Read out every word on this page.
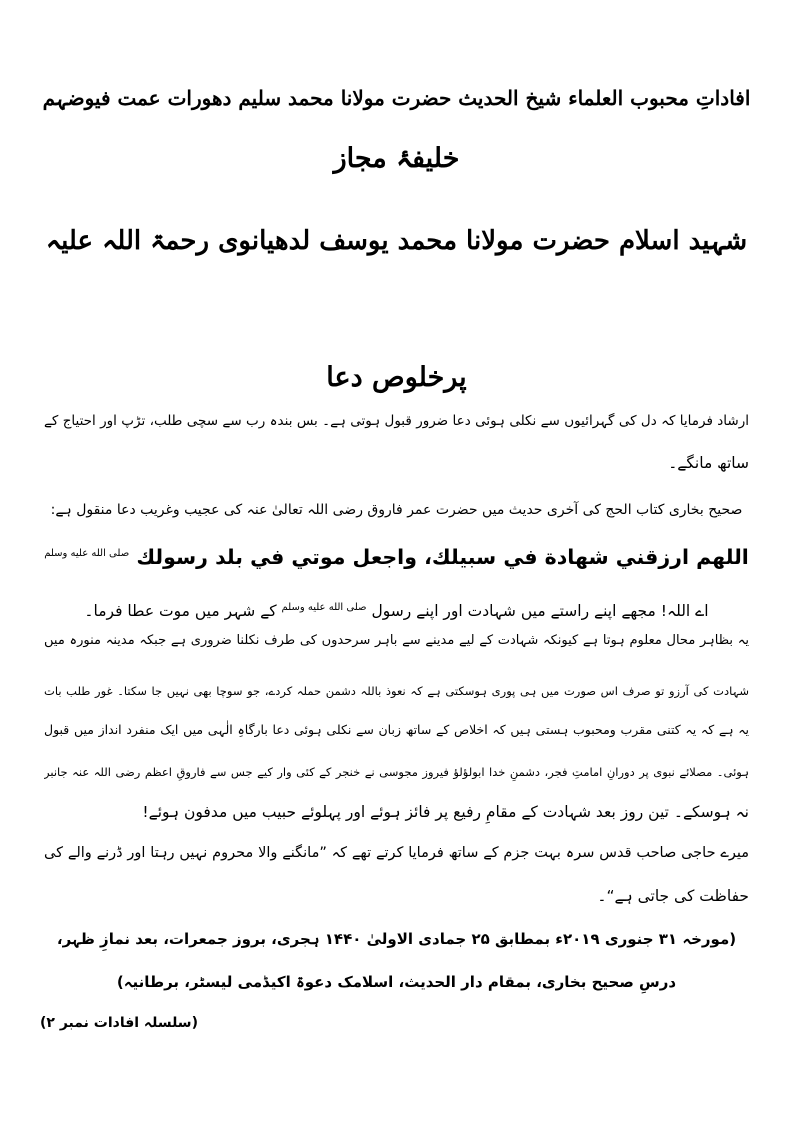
افاداتِ محبوب العلماء شیخ الحدیث حضرت مولانا محمد سلیم دھورات عمت فیوضہم
خلیفۂ مجاز
شہید اسلام حضرت مولانا محمد یوسف لدھیانوی رحمۃ اللہ علیہ
پرخلوص دعا
ارشاد فرمایا کہ دل کی گہرائیوں سے نکلی ہوئی دعا ضرور قبول ہوتی ہے۔ بس بندہ رب سے سچی طلب، تڑپ اور احتیاج کے
ساتھ مانگے۔
صحیح بخاری کتاب الحج کی آخری حدیث میں حضرت عمر فاروق رضی اللہ تعالیٰ عنہ کی عجیب وغریب دعا منقول ہے:
اللهم ارزقني شهادة في سبيلك، واجعل موتي في بلد رسولك $^{صلى الله عليه وسلم}$
اے اللہ! مجھے اپنے راستے میں شہادت اور اپنے رسول $^{صلى الله عليه وسلم}$ کے شہر میں موت عطا فرما۔
یہ بظاہر محال معلوم ہوتا ہے کیونکہ شہادت کے لیے مدینے سے باہر سرحدوں کی طرف نکلنا ضروری ہے جبکہ مدینہ منورہ میں
شہادت کی آرزو تو صرف اس صورت میں ہی پوری ہوسکتی ہے کہ نعوذ باللہ دشمن حملہ کردے، جو سوچا بھی نہیں جا سکتا۔ غور طلب بات
یہ ہے کہ یہ کتنی مقرب ومحبوب ہستی ہیں کہ اخلاص کے ساتھ زبان سے نکلی ہوئی دعا بارگاہِ الٰہی میں ایک منفرد انداز میں قبول
ہوئی۔ مصلائے نبوی پر دورانِ امامتِ فجر، دشمنِ خدا ابولؤلؤ فیروز مجوسی نے خنجر کے کئی وار کیے جس سے فاروقِ اعظم رضی اللہ عنہ جانبر
نہ ہوسکے۔ تین روز بعد شہادت کے مقامِ رفیع پر فائز ہوئے اور پہلوئے حبیب میں مدفون ہوئے!
میرے حاجی صاحب قدس سرہ بہت جزم کے ساتھ فرمایا کرتے تھے کہ ”مانگنے والا محروم نہیں رہتا اور ڈرنے والے کی
حفاظت کی جاتی ہے“۔
(مورخہ ۳۱ جنوری ۲۰۱۹ء بمطابق ۲۵ جمادی الاولیٰ ۱۴۴۰ ہجری، بروز جمعرات، بعد نمازِ ظہر،
درسِ صحیح بخاری، بمقام دار الحدیث، اسلامک دعوۃ اکیڈمی لیسٹر، برطانیہ)
(سلسلہ افادات نمبر ۲)
